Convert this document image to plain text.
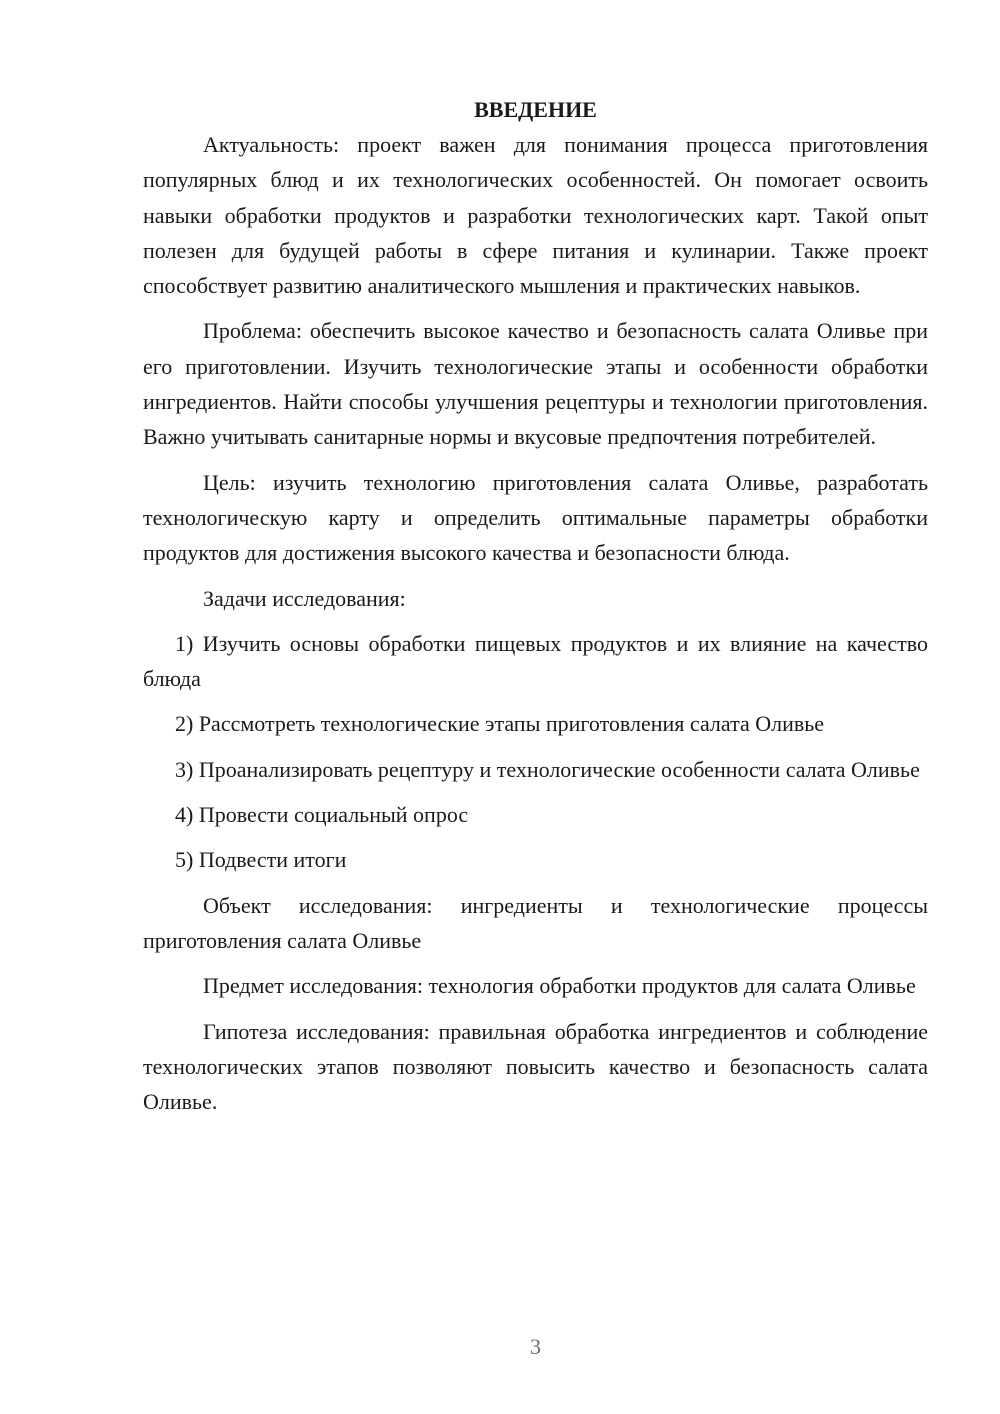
ВВЕДЕНИЕ

Актуальность: проект важен для понимания процесса приготовления популярных блюд и их технологических особенностей. Он помогает освоить навыки обработки продуктов и разработки технологических карт. Такой опыт полезен для будущей работы в сфере питания и кулинарии. Также проект способствует развитию аналитического мышления и практических навыков.

Проблема: обеспечить высокое качество и безопасность салата Оливье при его приготовлении. Изучить технологические этапы и особенности обработки ингредиентов. Найти способы улучшения рецептуры и технологии приготовления. Важно учитывать санитарные нормы и вкусовые предпочтения потребителей.

Цель: изучить технологию приготовления салата Оливье, разработать технологическую карту и определить оптимальные параметры обработки продуктов для достижения высокого качества и безопасности блюда.

Задачи исследования:

1) Изучить основы обработки пищевых продуктов и их влияние на качество блюда

2) Рассмотреть технологические этапы приготовления салата Оливье

3) Проанализировать рецептуру и технологические особенности салата Оливье

4) Провести социальный опрос

5) Подвести итоги

Объект исследования: ингредиенты и технологические процессы приготовления салата Оливье

Предмет исследования: технология обработки продуктов для салата Оливье

Гипотеза исследования: правильная обработка ингредиентов и соблюдение технологических этапов позволяют повысить качество и безопасность салата Оливье.

3
